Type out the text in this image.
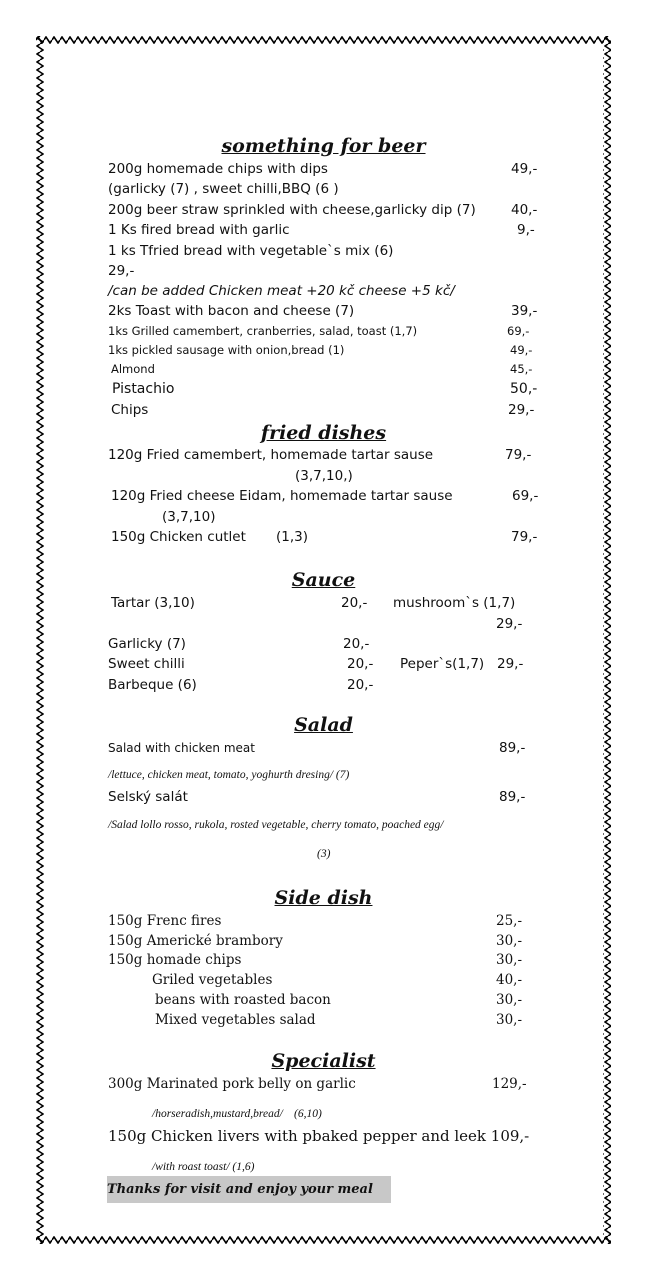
something for beer
200g homemade chips with dips	49,-
(garlicky (7) , sweet chilli,BBQ (6 )
200g beer straw sprinkled with cheese,garlicky dip (7)	40,-
1 Ks fired bread with garlic	9,-
1 ks Tfried bread with vegetable`s mix (6)
29,-
/can be added Chicken meat +20 kč cheese +5 kč/
2ks Toast with bacon and cheese (7)	39,-
1ks Grilled camembert, cranberries, salad, toast (1,7)	69,-
1ks pickled sausage with onion,bread (1)	49,-
Almond	45,-
Pistachio	50,-
Chips	29,-
fried dishes
120g Fried camembert, homemade tartar sause	79,-
(3,7,10,)
120g Fried cheese Eidam, homemade tartar sause	69,-
(3,7,10)
150g Chicken cutlet (1,3)	79,-
Sauce
Tartar (3,10)	20,- mushroom`s (1,7)
29,-
Garlicky (7)	20,-
Sweet chilli	20,- Peper`s(1,7) 29,-
Barbeque (6)	20,-
Salad
Salad with chicken meat	89,-
/lettuce, chicken meat, tomato, yoghurth dresing/ (7)
Selský salát	89,-
/Salad lollo rosso, rukola, rosted vegetable, cherry tomato, poached egg/
(3)
Side dish
150g Frenc fires	25,-
150g Americké brambory	30,-
150g homade chips	30,-
Griled vegetables	40,-
beans with roasted bacon	30,-
Mixed vegetables salad	30,-
Specialist
300g Marinated pork belly on garlic	129,-
/horseradish,mustard,bread/ (6,10)
150g Chicken livers with pbaked pepper and leek 109,-
/with roast toast/ (1,6)
Thanks for visit and enjoy your meal
